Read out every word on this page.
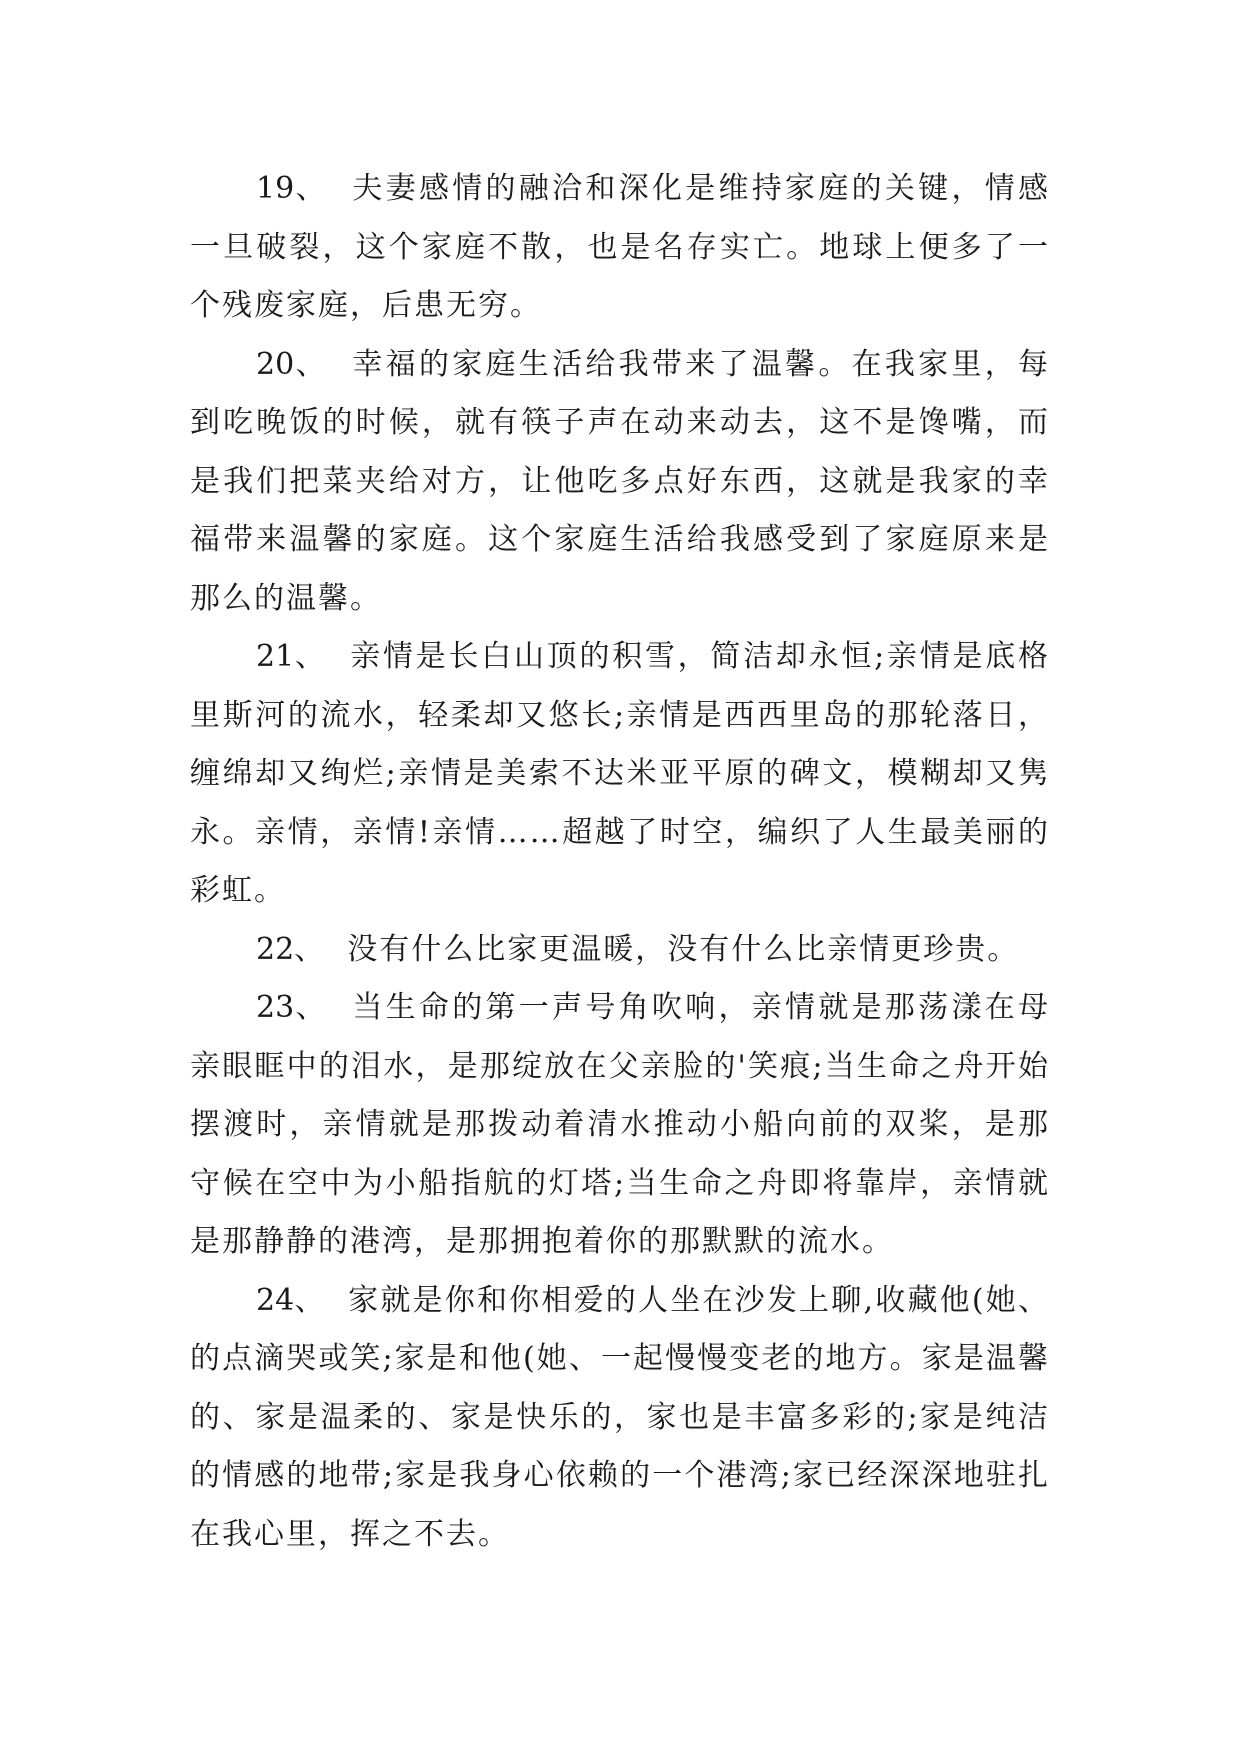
19、 夫妻感情的融洽和深化是维持家庭的关键，情感一旦破裂，这个家庭不散，也是名存实亡。地球上便多了一个残废家庭，后患无穷。

20、 幸福的家庭生活给我带来了温馨。在我家里，每到吃晚饭的时候，就有筷子声在动来动去，这不是馋嘴，而是我们把菜夹给对方，让他吃多点好东西，这就是我家的幸福带来温馨的家庭。这个家庭生活给我感受到了家庭原来是那么的温馨。

21、 亲情是长白山顶的积雪，简洁却永恒;亲情是底格里斯河的流水，轻柔却又悠长;亲情是西西里岛的那轮落日，缠绵却又绚烂;亲情是美索不达米亚平原的碑文，模糊却又隽永。亲情，亲情!亲情……超越了时空，编织了人生最美丽的彩虹。

22、 没有什么比家更温暖，没有什么比亲情更珍贵。

23、 当生命的第一声号角吹响，亲情就是那荡漾在母亲眼眶中的泪水，是那绽放在父亲脸的'笑痕;当生命之舟开始摆渡时，亲情就是那拨动着清水推动小船向前的双桨，是那守候在空中为小船指航的灯塔;当生命之舟即将靠岸，亲情就是那静静的港湾，是那拥抱着你的那默默的流水。

24、 家就是你和你相爱的人坐在沙发上聊,收藏他(她、的点滴哭或笑;家是和他(她、一起慢慢变老的地方。家是温馨的、家是温柔的、家是快乐的，家也是丰富多彩的;家是纯洁的情感的地带;家是我身心依赖的一个港湾;家已经深深地驻扎在我心里，挥之不去。
